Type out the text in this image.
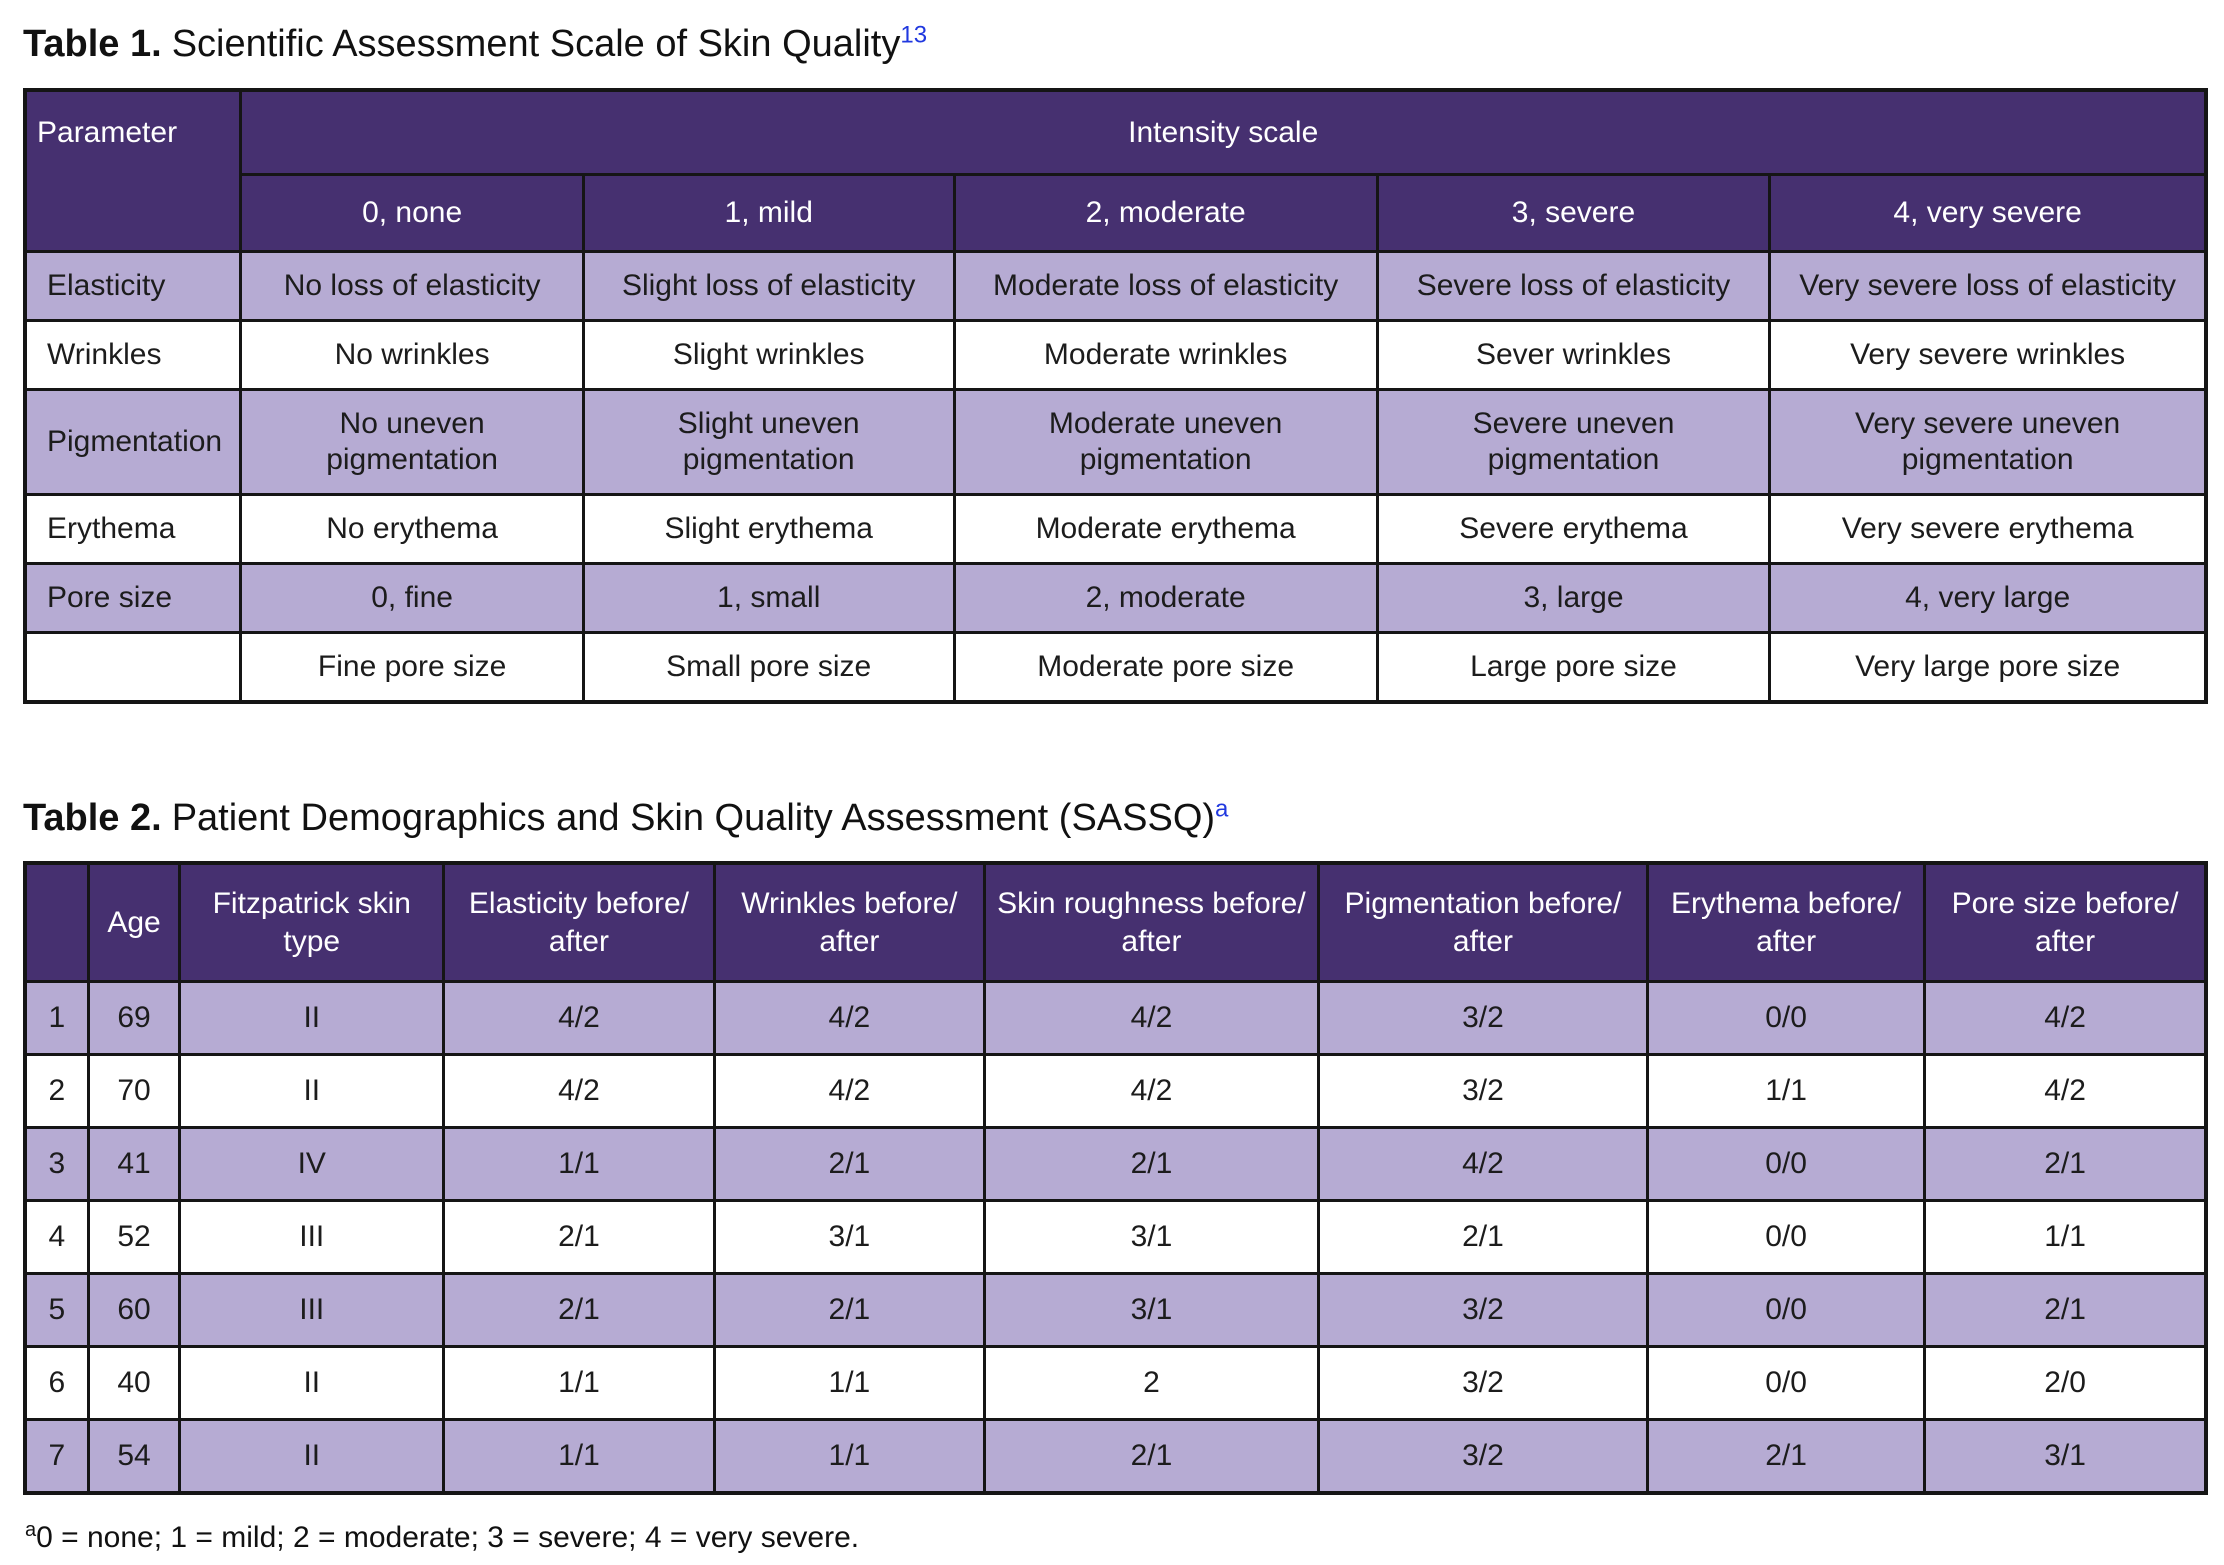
Table 1. Scientific Assessment Scale of Skin Quality$^{13}$
Parameter	Intensity scale				
	0, none	1, mild	2, moderate	3, severe	4, very severe
Elasticity	No loss of elasticity	Slight loss of elasticity	Moderate loss of elasticity	Severe loss of elasticity	Very severe loss of elasticity
Wrinkles	No wrinkles	Slight wrinkles	Moderate wrinkles	Sever wrinkles	Very severe wrinkles
Pigmentation	No uneven pigmentation	Slight uneven pigmentation	Moderate uneven pigmentation	Severe uneven pigmentation	Very severe uneven pigmentation
Erythema	No erythema	Slight erythema	Moderate erythema	Severe erythema	Very severe erythema
Pore size	0, fine	1, small	2, moderate	3, large	4, very large
	Fine pore size	Small pore size	Moderate pore size	Large pore size	Very large pore size
Table 2. Patient Demographics and Skin Quality Assessment (SASSQ)$^a$
	Age	Fitzpatrick skin type	Elasticity before/​after	Wrinkles before/​after	Skin roughness before/​after	Pigmentation before/​after	Erythema before/​after	Pore size before/​after
1	69	II	4/2	4/2	4/2	3/2	0/0	4/2
2	70	II	4/2	4/2	4/2	3/2	1/1	4/2
3	41	IV	1/1	2/1	2/1	4/2	0/0	2/1
4	52	III	2/1	3/1	3/1	2/1	0/0	1/1
5	60	III	2/1	2/1	3/1	3/2	0/0	2/1
6	40	II	1/1	1/1	2	3/2	0/0	2/0
7	54	II	1/1	1/1	2/1	3/2	2/1	3/1

$^a$0 = none; 1 = mild; 2 = moderate; 3 = severe; 4 = very severe.
